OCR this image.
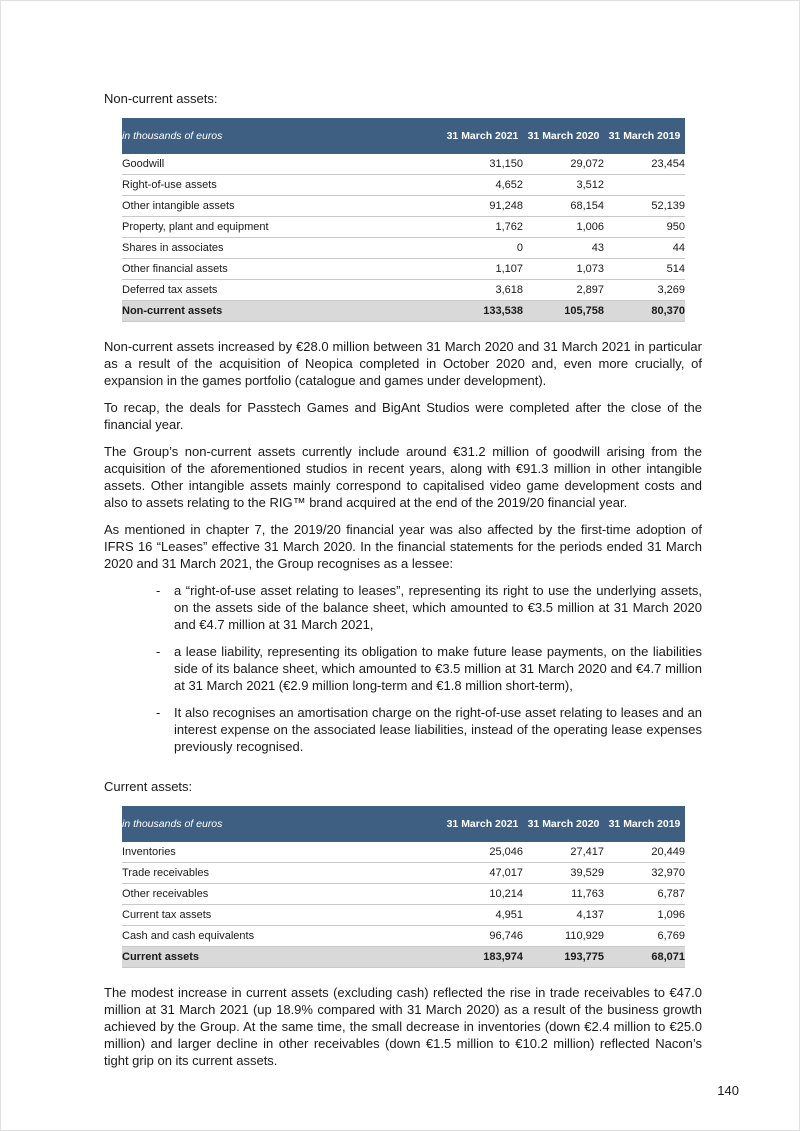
Non-current assets:
in thousands of euros	31 March 2021	31 March 2020	31 March 2019
Goodwill	31,150	29,072	23,454
Right-of-use assets	4,652	3,512	
Other intangible assets	91,248	68,154	52,139
Property, plant and equipment	1,762	1,006	950
Shares in associates	0	43	44
Other financial assets	1,107	1,073	514
Deferred tax assets	3,618	2,897	3,269
Non-current assets	133,538	105,758	80,370

Non-current assets increased by €28.0 million between 31 March 2020 and 31 March 2021 in particular as a result of the acquisition of Neopica completed in October 2020 and, even more crucially, of expansion in the games portfolio (catalogue and games under development).

To recap, the deals for Passtech Games and BigAnt Studios were completed after the close of the financial year.

The Group’s non-current assets currently include around €31.2 million of goodwill arising from the acquisition of the aforementioned studios in recent years, along with €91.3 million in other intangible assets. Other intangible assets mainly correspond to capitalised video game development costs and also to assets relating to the RIG™ brand acquired at the end of the 2019/20 financial year.

As mentioned in chapter 7, the 2019/20 financial year was also affected by the first-time adoption of IFRS 16 “Leases” effective 31 March 2020. In the financial statements for the periods ended 31 March 2020 and 31 March 2021, the Group recognises as a lessee:

-	a “right-of-use asset relating to leases”, representing its right to use the underlying assets, on the assets side of the balance sheet, which amounted to €3.5 million at 31 March 2020 and €4.7 million at 31 March 2021,
-	a lease liability, representing its obligation to make future lease payments, on the liabilities side of its balance sheet, which amounted to €3.5 million at 31 March 2020 and €4.7 million at 31 March 2021 (€2.9 million long-term and €1.8 million short-term),
-	It also recognises an amortisation charge on the right-of-use asset relating to leases and an interest expense on the associated lease liabilities, instead of the operating lease expenses previously recognised.
Current assets:
in thousands of euros	31 March 2021	31 March 2020	31 March 2019
Inventories	25,046	27,417	20,449
Trade receivables	47,017	39,529	32,970
Other receivables	10,214	11,763	6,787
Current tax assets	4,951	4,137	1,096
Cash and cash equivalents	96,746	110,929	6,769
Current assets	183,974	193,775	68,071

The modest increase in current assets (excluding cash) reflected the rise in trade receivables to €47.0 million at 31 March 2021 (up 18.9% compared with 31 March 2020) as a result of the business growth achieved by the Group. At the same time, the small decrease in inventories (down €2.4 million to €25.0 million) and larger decline in other receivables (down €1.5 million to €10.2 million) reflected Nacon’s tight grip on its current assets.

140
